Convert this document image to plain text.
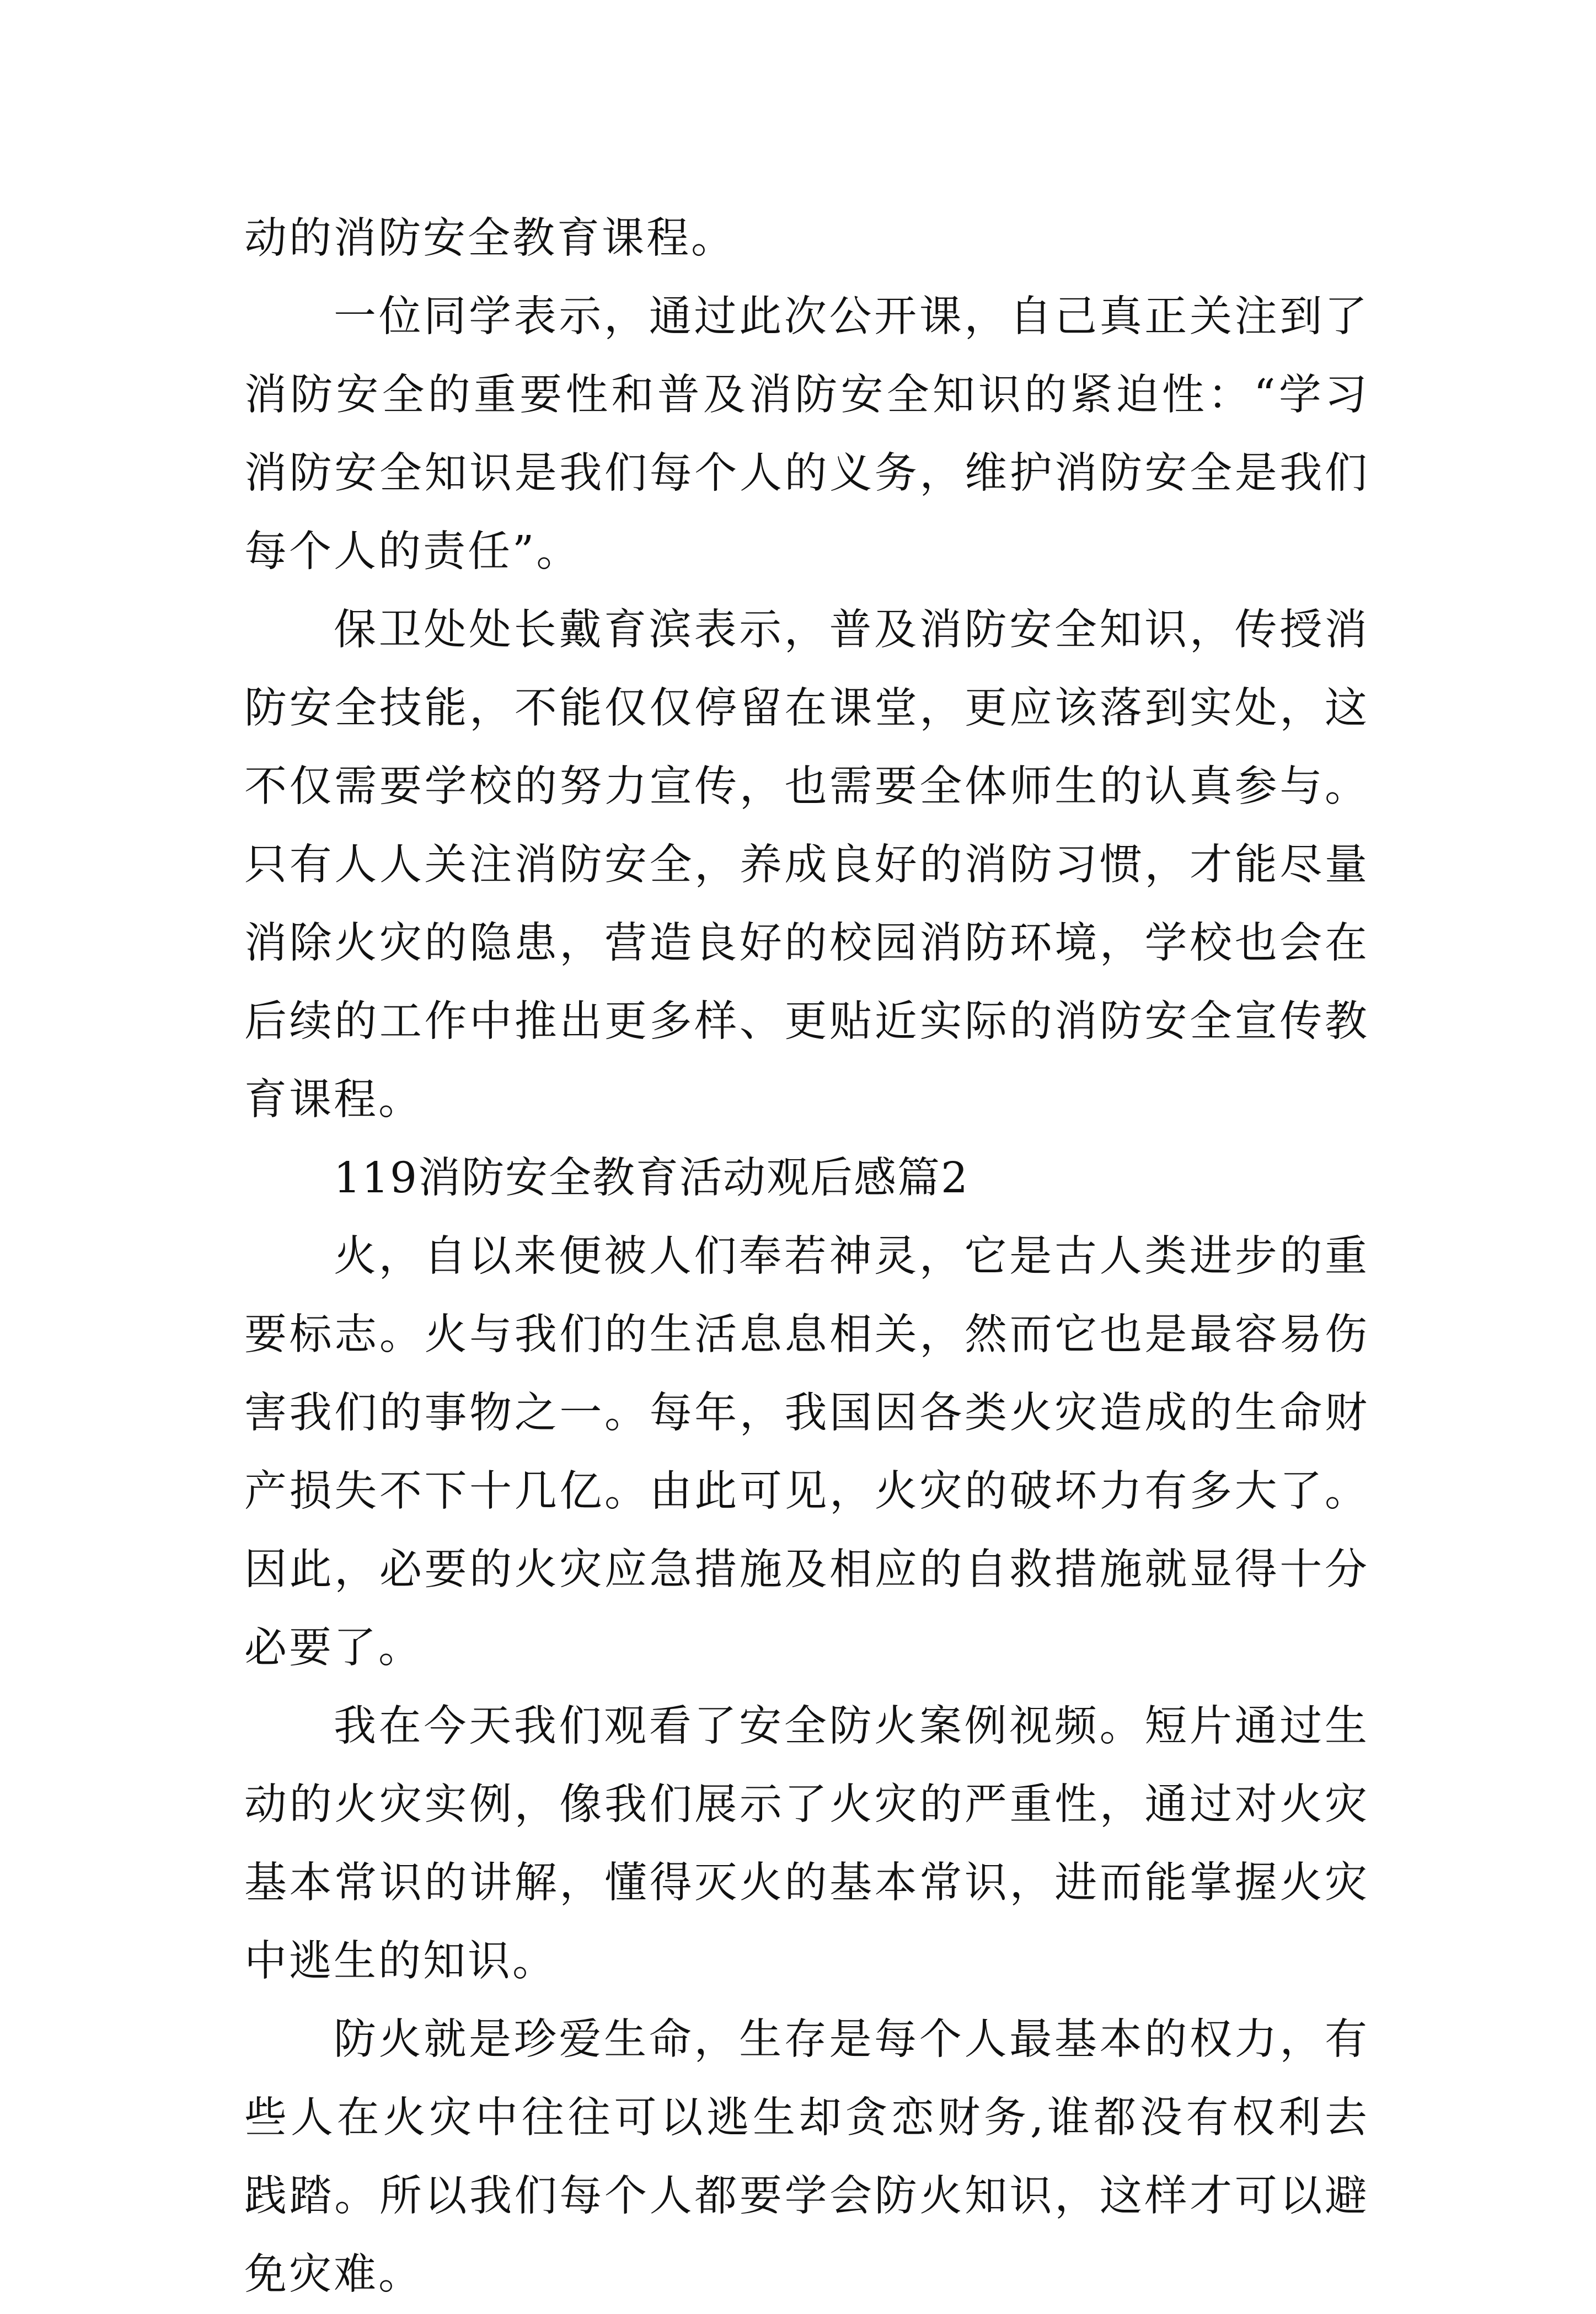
动的消防安全教育课程。

一位同学表示，通过此次公开课，自己真正关注到了消防安全的重要性和普及消防安全知识的紧迫性：“学习消防安全知识是我们每个人的义务，维护消防安全是我们每个人的责任”。

保卫处处长戴育滨表示，普及消防安全知识，传授消防安全技能，不能仅仅停留在课堂，更应该落到实处，这不仅需要学校的努力宣传，也需要全体师生的认真参与。只有人人关注消防安全，养成良好的消防习惯，才能尽量消除火灾的隐患，营造良好的校园消防环境，学校也会在后续的工作中推出更多样、更贴近实际的消防安全宣传教育课程。

119消防安全教育活动观后感篇2

火，自以来便被人们奉若神灵，它是古人类进步的重要标志。火与我们的生活息息相关，然而它也是最容易伤害我们的事物之一。每年，我国因各类火灾造成的生命财产损失不下十几亿。由此可见，火灾的破坏力有多大了。因此，必要的火灾应急措施及相应的自救措施就显得十分必要了。

我在今天我们观看了安全防火案例视频。短片通过生动的火灾实例，像我们展示了火灾的严重性，通过对火灾基本常识的讲解，懂得灭火的基本常识，进而能掌握火灾中逃生的知识。

防火就是珍爱生命，生存是每个人最基本的权力，有些人在火灾中往往可以逃生却贪恋财务,谁都没有权利去践踏。所以我们每个人都要学会防火知识，这样才可以避免灾难。
